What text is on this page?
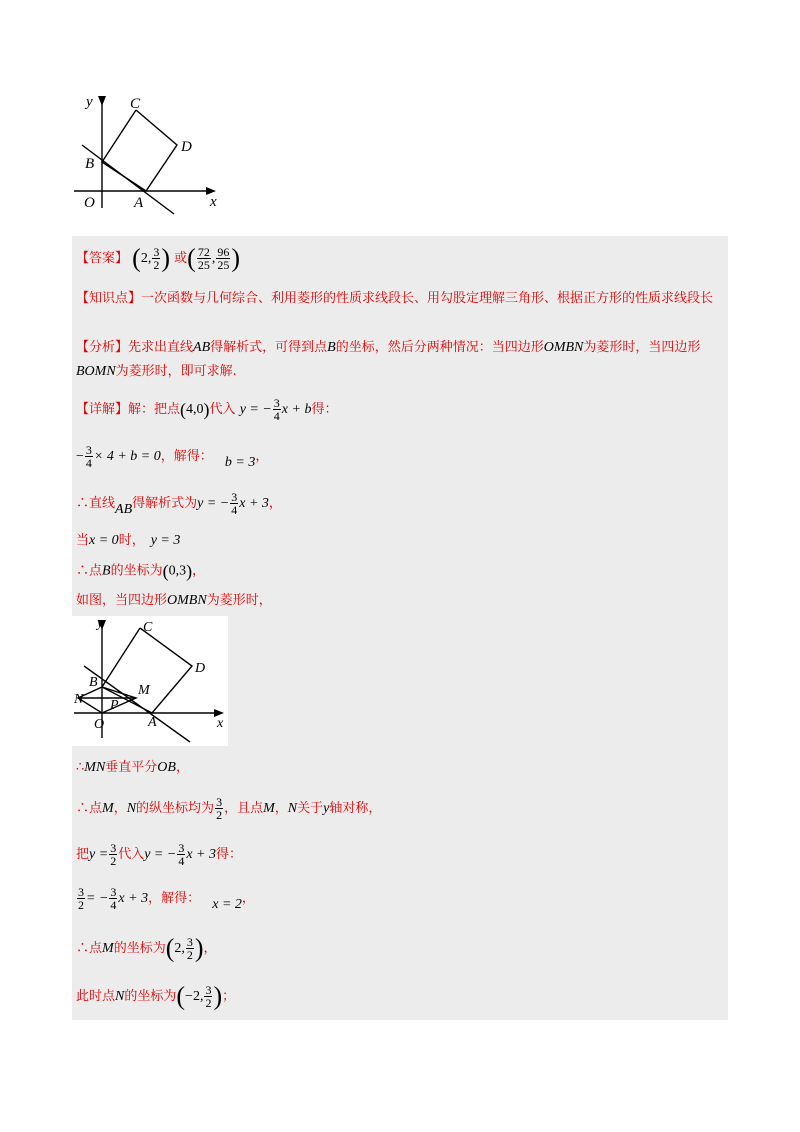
y
x
O	A
B
C
D
【答案】 (2, $\frac{3}{2}$ ) 或( $\frac{72}{25}$ , $\frac{96}{25}$ )
【知识点】一次函数与几何综合、利用菱形的性质求线段长、用勾股定理解三角形、根据正方形的性质求线段长
【分析】先求出直线AB得解析式，可得到点B的坐标，然后分两种情况：当四边形OMBN为菱形时，当四边形BOMN为菱形时，即可求解.
【详解】解：把点(4,0)代入 y = − $\frac{3}{4}$ x + b得：
− $\frac{3}{4} \times 4 + b = 0$，解得： b = 3，
∴直线AB得解析式为y = − $\frac{3}{4}$ x + 3，
当x = 0时， y = 3
∴点B的坐标为(0,3)，
如图，当四边形OMBN为菱形时，
y
x
O	A
B
C
D
N
M
P
∴MN垂直平分OB，
∴点M，N的纵坐标均为 $\frac{3}{2}$ ，且点M，N关于y轴对称，
把$y = \frac{3}{2}$ 代入y = − $\frac{3}{4}$ x + 3得：
$\frac{3}{2}$ = − $\frac{3}{4}$ x + 3，解得： x = 2，
∴点M的坐标为(2, $\frac{3}{2}$ )，
此时点N的坐标为(−2, $\frac{3}{2}$ )；
